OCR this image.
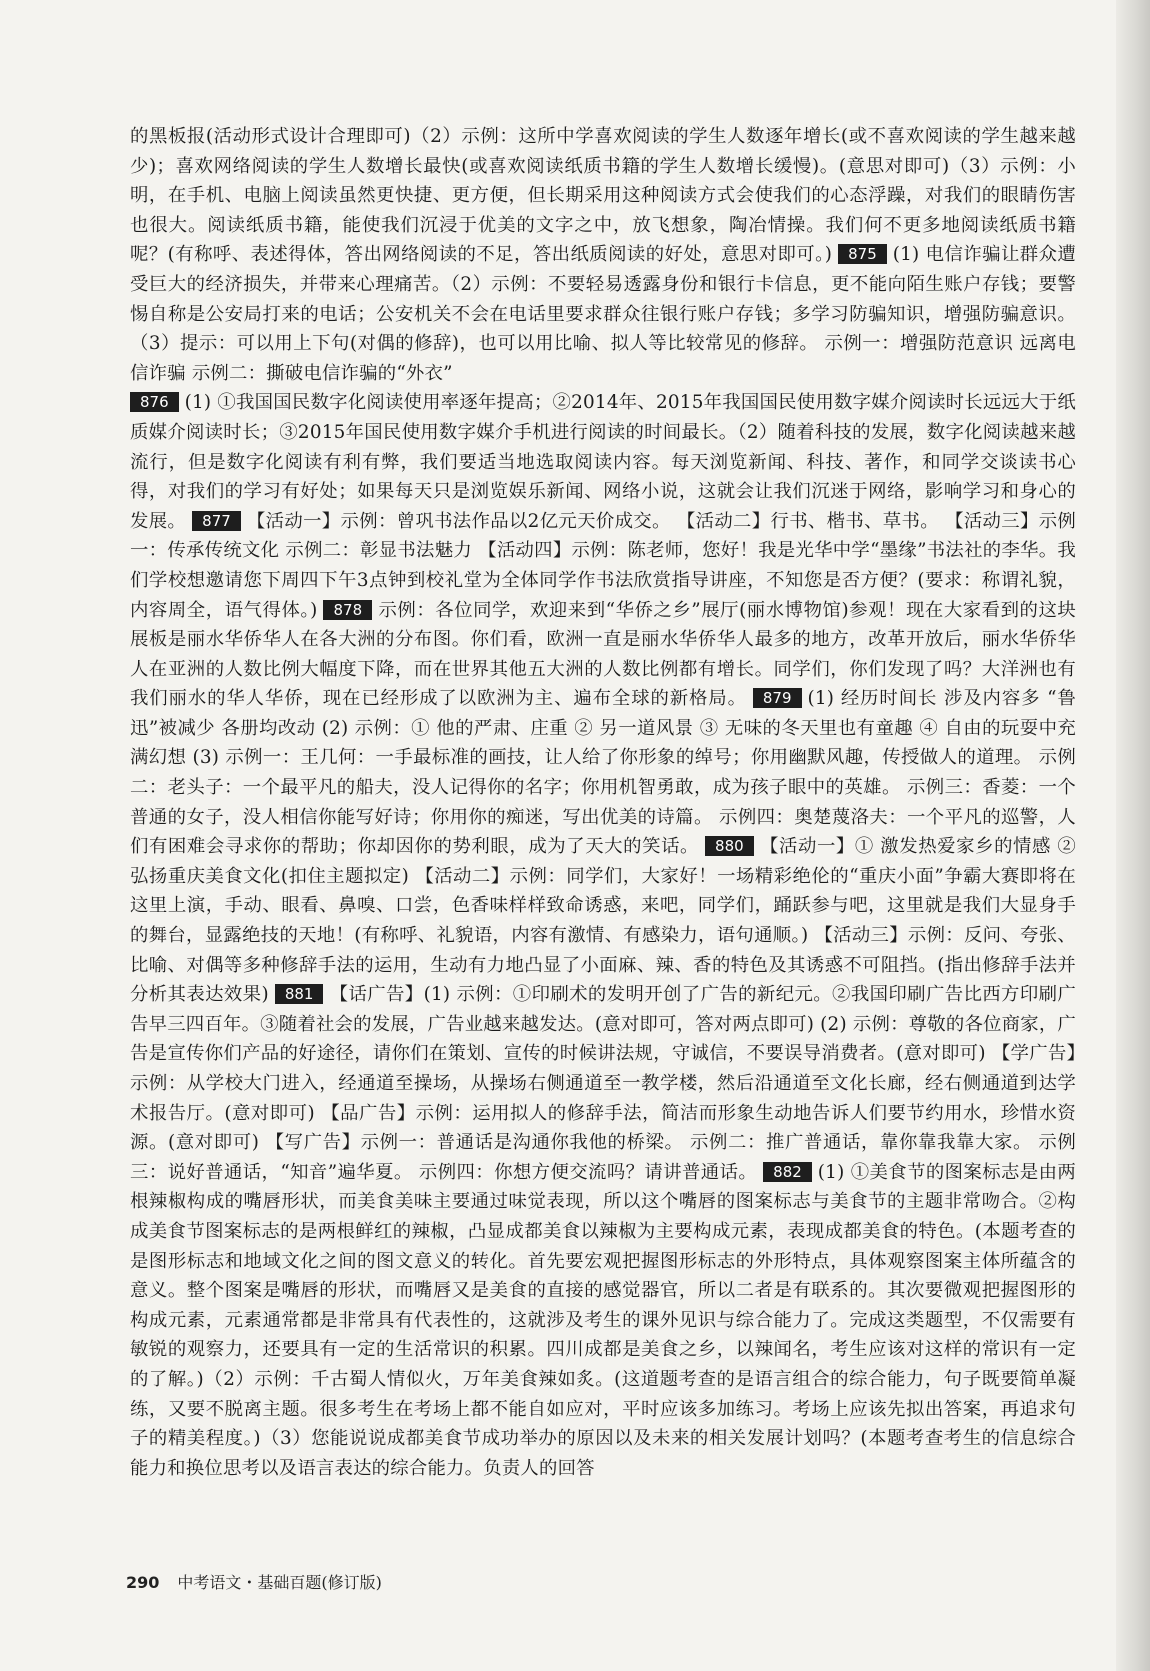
的黑板报(活动形式设计合理即可)（2）示例：这所中学喜欢阅读的学生人数逐年增长(或不喜欢阅读的学生越来越少)；喜欢网络阅读的学生人数增长最快(或喜欢阅读纸质书籍的学生人数增长缓慢)。(意思对即可)（3）示例：小明，在手机、电脑上阅读虽然更快捷、更方便，但长期采用这种阅读方式会使我们的心态浮躁，对我们的眼睛伤害也很大。阅读纸质书籍，能使我们沉浸于优美的文字之中，放飞想象，陶冶情操。我们何不更多地阅读纸质书籍呢？(有称呼、表述得体，答出网络阅读的不足，答出纸质阅读的好处，意思对即可。) 875 (1) 电信诈骗让群众遭受巨大的经济损失，并带来心理痛苦。（2）示例：不要轻易透露身份和银行卡信息，更不能向陌生账户存钱；要警惕自称是公安局打来的电话；公安机关不会在电话里要求群众往银行账户存钱；多学习防骗知识，增强防骗意识。（3）提示：可以用上下句(对偶的修辞)，也可以用比喻、拟人等比较常见的修辞。 示例一：增强防范意识 远离电信诈骗 示例二：撕破电信诈骗的“外衣”

876 (1) ①我国国民数字化阅读使用率逐年提高；②2014年、2015年我国国民使用数字媒介阅读时长远远大于纸质媒介阅读时长；③2015年国民使用数字媒介手机进行阅读的时间最长。（2）随着科技的发展，数字化阅读越来越流行，但是数字化阅读有利有弊，我们要适当地选取阅读内容。每天浏览新闻、科技、著作，和同学交谈读书心得，对我们的学习有好处；如果每天只是浏览娱乐新闻、网络小说，这就会让我们沉迷于网络，影响学习和身心的发展。 877 【活动一】示例：曾巩书法作品以2亿元天价成交。 【活动二】行书、楷书、草书。 【活动三】示例一：传承传统文化 示例二：彰显书法魅力 【活动四】示例：陈老师，您好！我是光华中学“墨缘”书法社的李华。我们学校想邀请您下周四下午3点钟到校礼堂为全体同学作书法欣赏指导讲座，不知您是否方便？(要求：称谓礼貌，内容周全，语气得体。) 878 示例：各位同学，欢迎来到“华侨之乡”展厅(丽水博物馆)参观！现在大家看到的这块展板是丽水华侨华人在各大洲的分布图。你们看，欧洲一直是丽水华侨华人最多的地方，改革开放后，丽水华侨华人在亚洲的人数比例大幅度下降，而在世界其他五大洲的人数比例都有增长。同学们，你们发现了吗？大洋洲也有我们丽水的华人华侨，现在已经形成了以欧洲为主、遍布全球的新格局。 879 (1) 经历时间长 涉及内容多 “鲁迅”被减少 各册均改动 (2) 示例：① 他的严肃、庄重 ② 另一道风景 ③ 无味的冬天里也有童趣 ④ 自由的玩耍中充满幻想 (3) 示例一：王几何：一手最标准的画技，让人给了你形象的绰号；你用幽默风趣，传授做人的道理。 示例二：老头子：一个最平凡的船夫，没人记得你的名字；你用机智勇敢，成为孩子眼中的英雄。 示例三：香菱：一个普通的女子，没人相信你能写好诗；你用你的痴迷，写出优美的诗篇。 示例四：奥楚蔑洛夫：一个平凡的巡警，人们有困难会寻求你的帮助；你却因你的势利眼，成为了天大的笑话。 880 【活动一】① 激发热爱家乡的情感 ② 弘扬重庆美食文化(扣住主题拟定) 【活动二】示例：同学们，大家好！一场精彩绝伦的“重庆小面”争霸大赛即将在这里上演，手动、眼看、鼻嗅、口尝，色香味样样致命诱惑，来吧，同学们，踊跃参与吧，这里就是我们大显身手的舞台，显露绝技的天地！(有称呼、礼貌语，内容有激情、有感染力，语句通顺。) 【活动三】示例：反问、夸张、比喻、对偶等多种修辞手法的运用，生动有力地凸显了小面麻、辣、香的特色及其诱惑不可阻挡。(指出修辞手法并分析其表达效果) 881 【话广告】(1) 示例：①印刷术的发明开创了广告的新纪元。②我国印刷广告比西方印刷广告早三四百年。③随着社会的发展，广告业越来越发达。(意对即可，答对两点即可) (2) 示例：尊敬的各位商家，广告是宣传你们产品的好途径，请你们在策划、宣传的时候讲法规，守诚信，不要误导消费者。(意对即可) 【学广告】示例：从学校大门进入，经通道至操场，从操场右侧通道至一教学楼，然后沿通道至文化长廊，经右侧通道到达学术报告厅。(意对即可) 【品广告】示例：运用拟人的修辞手法，简洁而形象生动地告诉人们要节约用水，珍惜水资源。(意对即可) 【写广告】示例一：普通话是沟通你我他的桥梁。 示例二：推广普通话，靠你靠我靠大家。 示例三：说好普通话，“知音”遍华夏。 示例四：你想方便交流吗？请讲普通话。 882 (1) ①美食节的图案标志是由两根辣椒构成的嘴唇形状，而美食美味主要通过味觉表现，所以这个嘴唇的图案标志与美食节的主题非常吻合。②构成美食节图案标志的是两根鲜红的辣椒，凸显成都美食以辣椒为主要构成元素，表现成都美食的特色。(本题考查的是图形标志和地域文化之间的图文意义的转化。首先要宏观把握图形标志的外形特点，具体观察图案主体所蕴含的意义。整个图案是嘴唇的形状，而嘴唇又是美食的直接的感觉器官，所以二者是有联系的。其次要微观把握图形的构成元素，元素通常都是非常具有代表性的，这就涉及考生的课外见识与综合能力了。完成这类题型，不仅需要有敏锐的观察力，还要具有一定的生活常识的积累。四川成都是美食之乡，以辣闻名，考生应该对这样的常识有一定的了解。)（2）示例：千古蜀人情似火，万年美食辣如炙。(这道题考查的是语言组合的综合能力，句子既要简单凝练，又要不脱离主题。很多考生在考场上都不能自如应对，平时应该多加练习。考场上应该先拟出答案，再追求句子的精美程度。)（3）您能说说成都美食节成功举办的原因以及未来的相关发展计划吗？(本题考查考生的信息综合能力和换位思考以及语言表达的综合能力。负责人的回答

290 中考语文・基础百题(修订版)
